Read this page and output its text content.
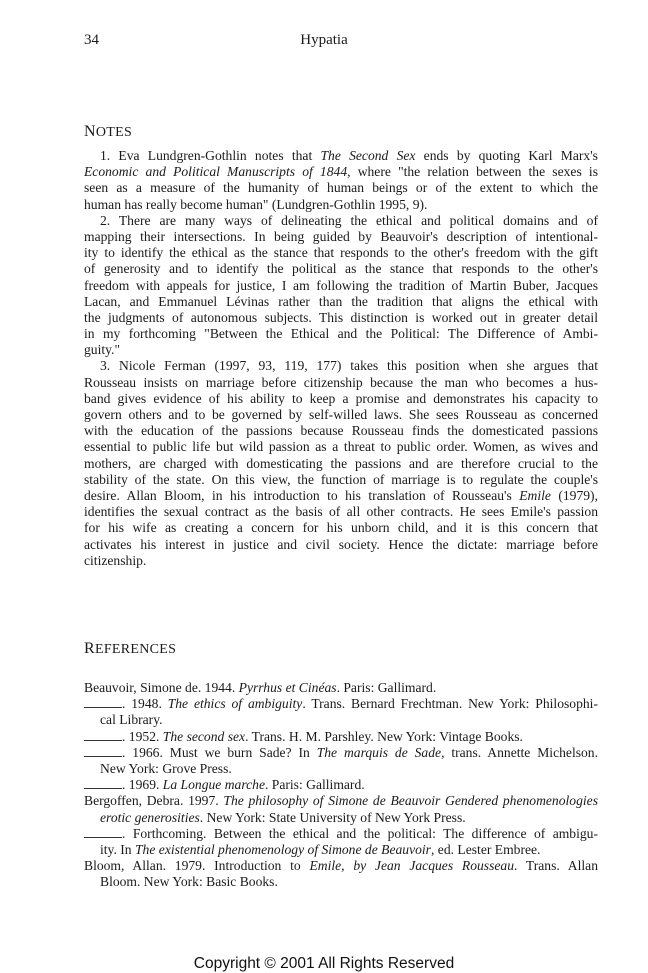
34	Hypatia
NOTES
1. Eva Lundgren-Gothlin notes that The Second Sex ends by quoting Karl Marx's
Economic and Political Manuscripts of 1844, where "the relation between the sexes is
seen as a measure of the humanity of human beings or of the extent to which the
human has really become human" (Lundgren-Gothlin 1995, 9).
2. There are many ways of delineating the ethical and political domains and of
mapping their intersections. In being guided by Beauvoir's description of intentional-
ity to identify the ethical as the stance that responds to the other's freedom with the gift
of generosity and to identify the political as the stance that responds to the other's
freedom with appeals for justice, I am following the tradition of Martin Buber, Jacques
Lacan, and Emmanuel Lévinas rather than the tradition that aligns the ethical with
the judgments of autonomous subjects. This distinction is worked out in greater detail
in my forthcoming "Between the Ethical and the Political: The Difference of Ambi-
guity."
3. Nicole Ferman (1997, 93, 119, 177) takes this position when she argues that
Rousseau insists on marriage before citizenship because the man who becomes a hus-
band gives evidence of his ability to keep a promise and demonstrates his capacity to
govern others and to be governed by self-willed laws. She sees Rousseau as concerned
with the education of the passions because Rousseau finds the domesticated passions
essential to public life but wild passion as a threat to public order. Women, as wives and
mothers, are charged with domesticating the passions and are therefore crucial to the
stability of the state. On this view, the function of marriage is to regulate the couple's
desire. Allan Bloom, in his introduction to his translation of Rousseau's Emile (1979),
identifies the sexual contract as the basis of all other contracts. He sees Emile's passion
for his wife as creating a concern for his unborn child, and it is this concern that
activates his interest in justice and civil society. Hence the dictate: marriage before
citizenship.
REFERENCES
Beauvoir, Simone de. 1944. Pyrrhus et Cinéas. Paris: Gallimard.
. 1948. The ethics of ambiguity. Trans. Bernard Frechtman. New York: Philosophi-
cal Library.
. 1952. The second sex. Trans. H. M. Parshley. New York: Vintage Books.
. 1966. Must we burn Sade? In The marquis de Sade, trans. Annette Michelson.
New York: Grove Press.
. 1969. La Longue marche. Paris: Gallimard.
Bergoffen, Debra. 1997. The philosophy of Simone de Beauvoir Gendered phenomenologies
erotic generosities. New York: State University of New York Press.
. Forthcoming. Between the ethical and the political: The difference of ambigu-
ity. In The existential phenomenology of Simone de Beauvoir, ed. Lester Embree.
Bloom, Allan. 1979. Introduction to Emile, by Jean Jacques Rousseau. Trans. Allan
Bloom. New York: Basic Books.
Copyright © 2001 All Rights Reserved
